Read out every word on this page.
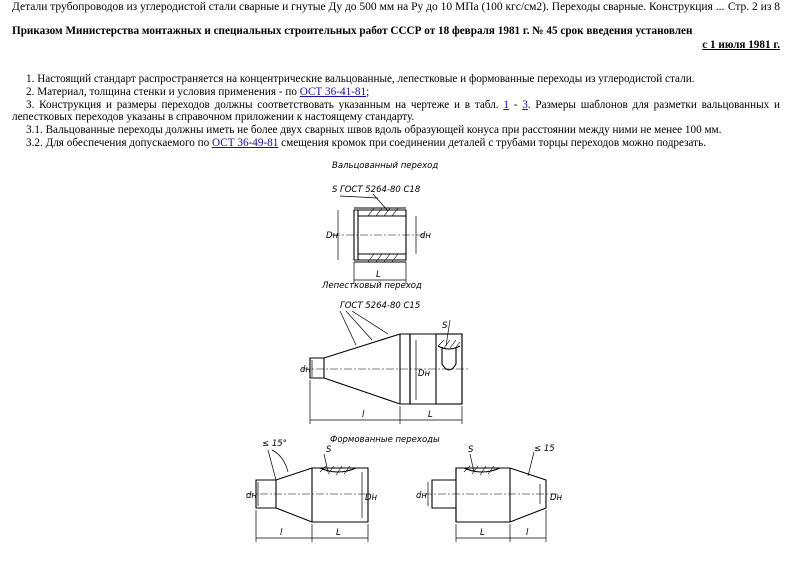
Детали трубопроводов из углеродистой стали сварные и гнутые Ду до 500 мм на Ру до 10 МПа (100 кгс/см2). Переходы сварные. Конструкция ... Стр. 2 из 8
Приказом Министерства монтажных и специальных строительных работ СССР от 18 февраля 1981 г. № 45 срок введения установлен
с 1 июля 1981 г.

1. Настоящий стандарт распространяется на концентрические вальцованные, лепестковые и формованные переходы из углеродистой стали.

2. Материал, толщина стенки и условия применения - по ОСТ 36-41-81;

3. Конструкция и размеры переходов должны соответствовать указанным на чертеже и в табл. 1 - 3. Размеры шаблонов для разметки вальцованных и лепестковых переходов указаны в справочном приложении к настоящему стандарту.

3.1. Вальцованные переходы должны иметь не более двух сварных швов вдоль образующей конуса при расстоянии между ними не менее 100 мм.

3.2. Для обеспечения допускаемого по ОСТ 36-49-81 смещения кромок при соединении деталей с трубами торцы переходов можно подрезать.

Вальцованный переход
ГОСТ 5264-80 С18
S
Dн	dн
L
Лепестковый переход
ГОСТ 5264-80 С15
S
dн	Dн
l	L
Формованные переходы
≤ 15°	≤ 15
S
dн	Dн
l	L
S
dн	Dн
L	l
